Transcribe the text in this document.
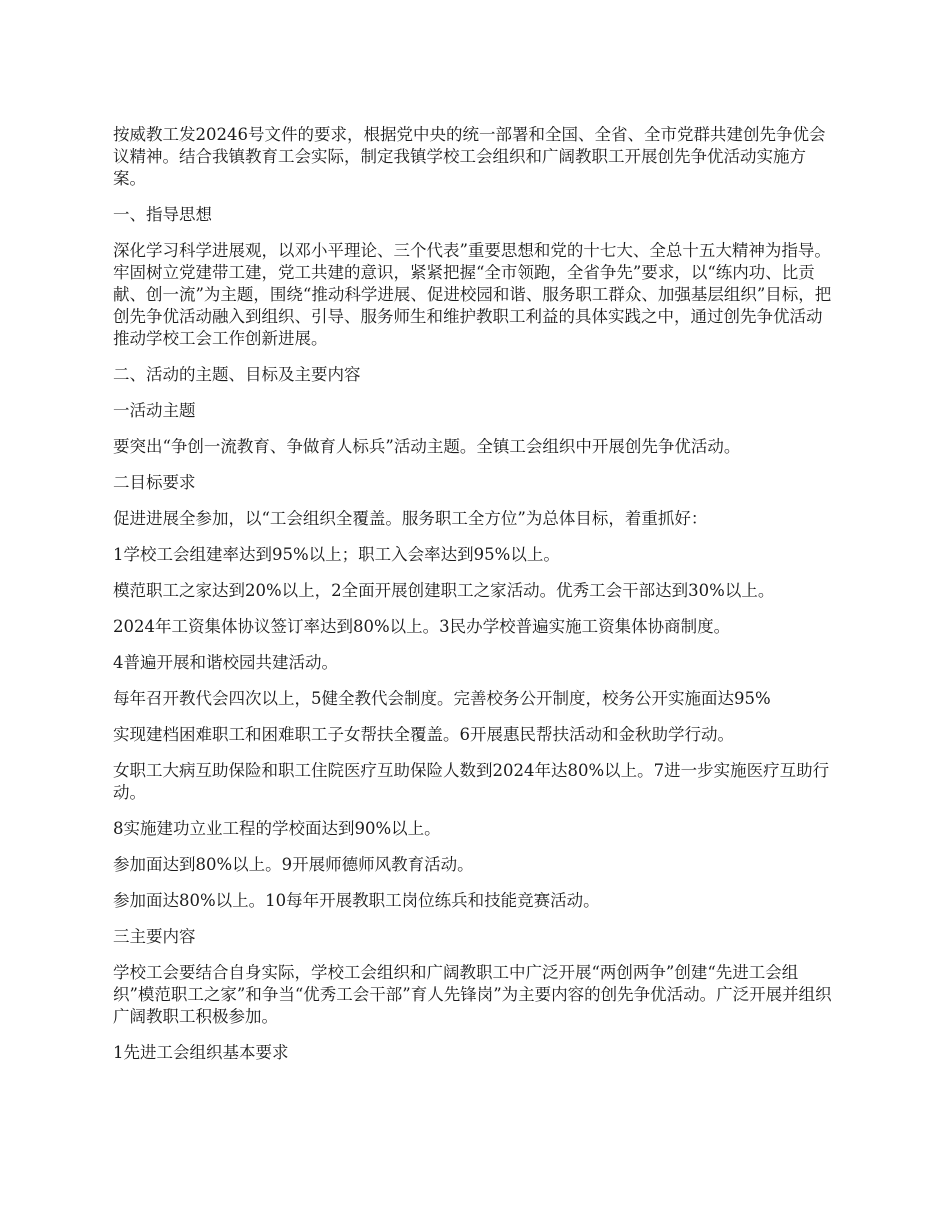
按威教工发20246号文件的要求，根据党中央的统一部署和全国、全省、全市党群共建创先争优会议精神。结合我镇教育工会实际，制定我镇学校工会组织和广阔教职工开展创先争优活动实施方案。

一、指导思想

深化学习科学进展观，以邓小平理论、三个代表”重要思想和党的十七大、全总十五大精神为指导。牢固树立党建带工建，党工共建的意识，紧紧把握“全市领跑，全省争先”要求，以“练内功、比贡献、创一流”为主题，围绕“推动科学进展、促进校园和谐、服务职工群众、加强基层组织”目标，把创先争优活动融入到组织、引导、服务师生和维护教职工利益的具体实践之中，通过创先争优活动推动学校工会工作创新进展。

二、活动的主题、目标及主要内容

一活动主题

要突出“争创一流教育、争做育人标兵”活动主题。全镇工会组织中开展创先争优活动。

二目标要求

促进进展全参加，以“工会组织全覆盖。服务职工全方位”为总体目标，着重抓好：

1学校工会组建率达到95%以上；职工入会率达到95%以上。

模范职工之家达到20%以上，2全面开展创建职工之家活动。优秀工会干部达到30%以上。

2024年工资集体协议签订率达到80%以上。3民办学校普遍实施工资集体协商制度。

4普遍开展和谐校园共建活动。

每年召开教代会四次以上，5健全教代会制度。完善校务公开制度，校务公开实施面达95%

实现建档困难职工和困难职工子女帮扶全覆盖。6开展惠民帮扶活动和金秋助学行动。

女职工大病互助保险和职工住院医疗互助保险人数到2024年达80%以上。7进一步实施医疗互助行动。

8实施建功立业工程的学校面达到90%以上。

参加面达到80%以上。9开展师德师风教育活动。

参加面达80%以上。10每年开展教职工岗位练兵和技能竞赛活动。

三主要内容

学校工会要结合自身实际，学校工会组织和广阔教职工中广泛开展“两创两争”创建“先进工会组织”模范职工之家”和争当“优秀工会干部”育人先锋岗”为主要内容的创先争优活动。广泛开展并组织广阔教职工积极参加。

1先进工会组织基本要求
